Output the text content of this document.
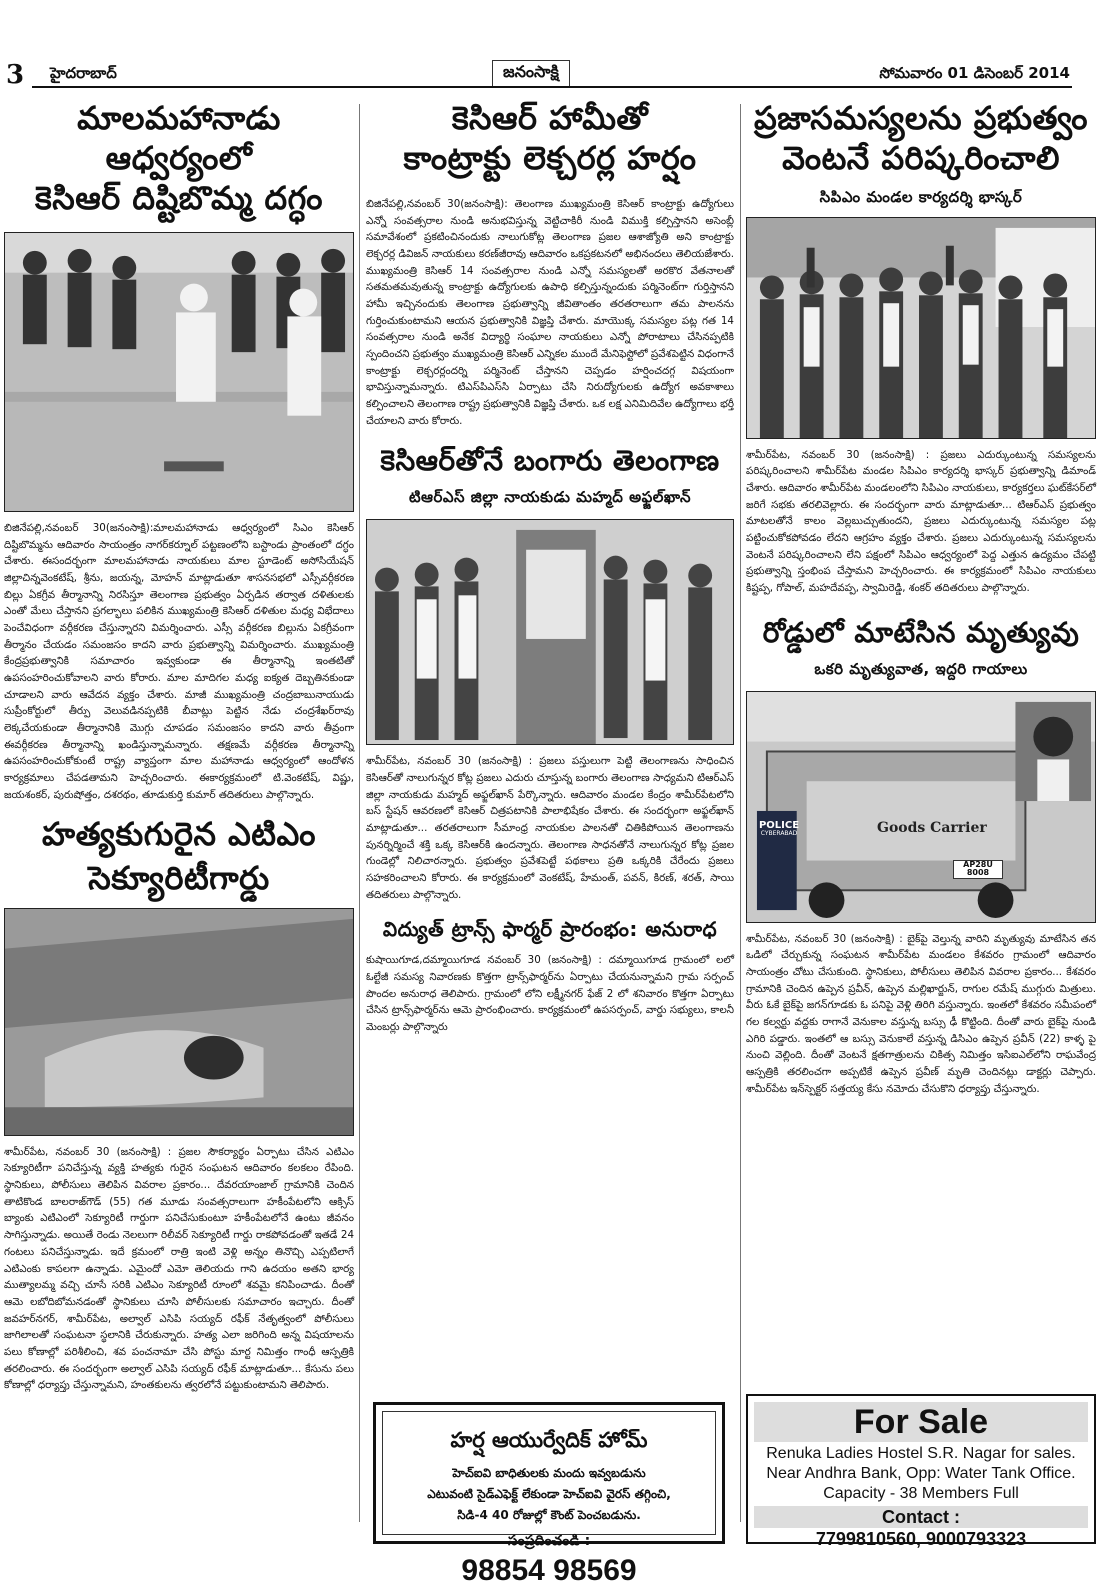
3 హైదరాబాద్	జనంసాక్షి	సోమవారం 01 డిసెంబర్ 2014
మాలమహానాడు ఆధ్వర్యంలో
కెసిఆర్ దిష్టిబొమ్మ దగ్ధం
బిజినేపల్లి,నవంబర్ 30(జనంసాక్షి):మాలమహానాడు ఆధ్వర్యంలో సిఎం కెసిఆర్ దిష్టిబొమ్మను ఆదివారం సాయంత్రం నాగర్‌కర్నూల్ పట్టణంలోని బస్టాండు ప్రాంతంలో దగ్ధం చేశారు. ఈసందర్భంగా మాలమహానాడు నాయకులు మాల స్టూడెంట్ అసోసియేషన్ జిల్లాచిన్నవెంకటేష్, శ్రీను, జయన్న, మోహన్ మాట్లాడుతూ శాసనసభలో ఎస్సీవర్గీకరణ బిల్లు ఏకగ్రీవ తీర్మానాన్ని నిరసిస్తూ తెలంగాణ ప్రభుత్వం ఏర్పడిన తర్వాత దళితులకు ఎంతో మేలు చేస్తానని ప్రగల్భాలు పలికిన ముఖ్యమంత్రి కెసిఆర్ దళితుల మధ్య విభేదాలు పెంచేవిధంగా వర్గీకరణ చేస్తున్నారని విమర్శించారు. ఎస్సీ వర్గీకరణ బిల్లును ఏకగ్రీవంగా తీర్మానం చేయడం సమంజసం కాదని వారు ప్రభుత్వాన్ని విమర్శించారు. ముఖ్యమంత్రి కేంద్రప్రభుత్వానికి సమాచారం ఇవ్వకుండా ఈ తీర్మానాన్ని ఇంతటితో ఉపసంహరించుకోవాలని వారు కోరారు. మాల మాదిగల మధ్య ఐక్యత దెబ్బతినకుండా చూడాలని వారు ఆవేదన వ్యక్తం చేశారు. మాజీ ముఖ్యమంత్రి చంద్రబాబునాయుడు సుప్రీంకోర్టులో తీర్పు వెలువడినప్పటికి బీవాట్లు పెట్టిన నేడు చంద్రశేఖర్‌రావు లెక్కచేయకుండా తీర్మానానికి మొగ్గు చూపడం సమంజసం కాదని వారు తీవ్రంగా ఈవర్గీకరణ తీర్మానాన్ని ఖండిస్తున్నామన్నారు. తక్షణమే వర్గీకరణ తీర్మానాన్ని ఉపసంహరించుకోకుంటే రాష్ట్ర వ్యాప్తంగా మాల మహానాడు ఆధ్వర్యంలో ఆందోళన కార్యక్రమాలు చేపడతామని హెచ్చరించారు. ఈకార్యక్రమంలో టి.వెంకటేష్, విష్ణు, జయశంకర్, పురుషోత్తం, దశరథం, తూడుకుర్తి కుమార్ తదితరులు పాల్గొన్నారు.
హత్యకుగురైన ఎటిఎం
సెక్యూరిటీగార్డు
శామీర్‌పేట, నవంబర్ 30 (జనంసాక్షి) : ప్రజల సౌకర్యార్థం ఏర్పాటు చేసిన ఎటిఎం సెక్యూరిటీగా పనిచేస్తున్న వ్యక్తి హత్యకు గురైన సంఘటన ఆదివారం కలకలం రేపింది. స్థానికులు, పోలీసులు తెలిపిన వివరాల ప్రకారం... దేవరయాంజాల్ గ్రామానికి చెందిన తాటికొండ బాలరాజ్‌గౌడ్ (55) గత మూడు సంవత్సరాలుగా హకీంపేటలోని ఆక్సిస్ బ్యాంకు ఎటిఎంలో సెక్యూరిటీ గార్డుగా పనిచేసుకుంటూ హకీంపేటలోనే ఉంటు జీవనం సాగిస్తున్నాడు. అయితే రెండు నెలలుగా రిలీవర్ సెక్యూరిటీ గార్డు రాకపోవడంతో ఇతడే 24 గంటలు పనిచేస్తున్నాడు. ఇదే క్రమంలో రాత్రి ఇంటి వెళ్లి అన్నం తినొచ్చి ఎప్పటిలాగే ఎటిఎంకు కాపలగా ఉన్నాడు. ఎమైందో ఎమో తెలియదు గాని ఉదయం అతని భార్య ముత్యాలమ్మ వచ్చి చూసే సరికి ఎటిఎం సెక్యూరిటీ రూంలో శవమై కనిపించాడు. దీంతో ఆమె లబోదిబోమనడంతో స్థానికులు చూసి పోలీసులకు సమాచారం ఇచ్చారు. దీంతో జవహర్‌నగర్, శామీర్‌పేట, అల్వాల్ ఎసిపి సయ్యద్ రఫీక్ నేతృత్వంలో పోలీసులు జాగిలాలతో సంఘటనా స్థలానికి చేరుకున్నారు. హత్య ఎలా జరిగింది అన్న విషయాలను పలు కోణాల్లో పరిశీలించి, శవ పంచనామా చేసి పోస్టు మార్ట నిమిత్తం గాంధీ ఆస్పత్రికి తరలించారు. ఈ సందర్భంగా అల్వాల్ ఎసిపి సయ్యద్ రఫీక్ మాట్లాడుతూ... కేసును పలు కోణాల్లో ధర్యాప్తు చేస్తున్నామని, హంతకులను త్వరలోనే పట్టుకుంటామని తెలిపారు.
కెసిఆర్ హామీతో
కాంట్రాక్టు లెక్చరర్ల హర్షం
బిజినేపల్లి,నవంబర్ 30(జనంసాక్షి): తెలంగాణ ముఖ్యమంత్రి కెసిఆర్ కాంట్రాక్టు ఉద్యోగులు ఎన్నో సంవత్సరాల నుండి అనుభవిస్తున్న వెట్టిచాకిరీ నుండి విముక్తి కల్పిస్తానని అసెంబ్లీ సమావేశంలో ప్రకటించినందుకు నాలుగుకోట్ల తెలంగాణ ప్రజల ఆశాజ్యోతి అని కాంట్రాక్టు లెక్చరర్ల డివిజన్ నాయకులు కరణ్‌జీరావు ఆదివారం ఒకప్రకటనలో అభినందలు తెలియజేశారు. ముఖ్యమంత్రి కెసిఆర్ 14 సంవత్సరాల నుండి ఎన్నో సమస్యలతో అరకొర వేతనాలతో సతమతమవుతున్న కాంట్రాక్టు ఉద్యోగులకు ఉపాధి కల్పిస్తున్నందుకు పర్మినెంట్‌గా గుర్తిస్తానని హామీ ఇచ్చినందుకు తెలంగాణ ప్రభుత్వాన్ని జీవితాంతం తరతరాలుగా తమ పాలనను గుర్తించుకుంటామని ఆయన ప్రభుత్వానికి విజ్ఞప్తి చేశారు. మాయొక్క సమస్యల పట్ల గత 14 సంవత్సరాల నుండి అనేక విద్యార్థి సంఘాల నాయకులు ఎన్నో పోరాటాలు చేసినప్పటికి స్పందించని ప్రభుత్వం ముఖ్యమంత్రి కెసిఆర్ ఎన్నికల ముందే మేనిఫెస్టోలో ప్రవేశపెట్టిన విధంగానే కాంట్రాక్టు లెక్చరర్లందర్ని పర్మినెంట్ చేస్తానని చెప్పడం హర్షించదగ్గ విషయంగా భావిస్తున్నామన్నారు. టిఎస్‌పిఎస్‌సి ఏర్పాటు చేసి నిరుద్యోగులకు ఉద్యోగ అవకాశాలు కల్పించాలని తెలంగాణ రాష్ట్ర ప్రభుత్వానికి విజ్ఞప్తి చేశారు. ఒక లక్ష ఎనిమిదివేల ఉద్యోగాలు భర్తీ చేయాలని వారు కోరారు.
కెసిఆర్‌తోనే బంగారు తెలంగాణ
టిఆర్ఎస్ జిల్లా నాయకుడు మహ్మద్ అఫ్జల్‌ఖాన్
శామీర్‌పేట, నవంబర్ 30 (జనంసాక్షి) : ప్రజలు పస్తులుగా పెట్టి తెలంగాణను సాధించిన కెసిఆర్‌తో నాలుగున్నర కోట్ల ప్రజలు ఎదురు చూస్తున్న బంగారు తెలంగాణ సాధ్యమని టిఆర్ఎస్ జిల్లా నాయకుడు మహ్మద్ అఫ్జల్‌ఖాన్ పేర్కొన్నారు. ఆదివారం మండల కేంద్రం శామీర్‌పేటలోని బస్ స్టేషన్ ఆవరణలో కెసిఆర్ చిత్రపటానికి పాలాభిషేకం చేశారు. ఈ సందర్భంగా అఫ్జల్‌ఖాన్ మాట్లాడుతూ... తరతరాలుగా సీమాంధ్ర నాయకుల పాలనతో చితికిపోయిన తెలంగాణను పునర్నిర్మించే శక్తి ఒక్క కెసిఆర్‌కి ఉందన్నారు. తెలంగాణ సాధనతోనే నాలుగున్నర కోట్ల ప్రజల గుండెల్లో నిలిచారన్నారు. ప్రభుత్వం ప్రవేశపెట్టే పథకాలు ప్రతి ఒక్కరికి చేరేందు ప్రజలు సహకరించాలని కోరారు. ఈ కార్యక్రమంలో వెంకటేష్, హేమంత్, పవన్, కిరణ్, శరత్, సాయి తదితరులు పాల్గొన్నారు.
విద్యుత్ ట్రాన్స్ ఫార్మర్ ప్రారంభం: అనురాధ
కుషాయిగూడ,దమ్మాయిగూడ నవంబర్ 30 (జనంసాక్షి) : దమ్మాయిగూడ గ్రామంలో లలో ఓల్టేజీ సమస్య నివారణకు కొత్తగా ట్రాన్స్‌ఫార్మర్‌ను ఏర్పాటు చేయనున్నామని గ్రామ సర్పంచ్ పొందల అనురాధ తెలిపారు. గ్రామంలో లోని లక్ష్మీనగర్ ఫేజ్ 2 లో శనివారం కొత్తగా ఏర్పాటు చేసిన ట్రాన్స్‌ఫార్మర్‌ను ఆమె ప్రారంభించారు. కార్యక్రమంలో ఉపసర్పంచ్, వార్డు సభ్యులు, కాలనీ మెంబర్లు పాల్గొన్నారు
హర్ష ఆయుర్వేదిక్ హోమ్
హెచ్ఐవి బాధితులకు మందు ఇవ్వబడును
ఎటువంటి సైడ్ఎఫెక్ట్ లేకుండా హెచ్ఐవి వైరస్ తగ్గించి,
సిడి-4 40 రోజుల్లో కౌంట్ పెంచబడును.
సంప్రదించండి :
98854 98569
ప్రజాసమస్యలను ప్రభుత్వం
వెంటనే పరిష్కరించాలి
సిపిఎం మండల కార్యదర్శి భాస్కర్
శామీర్‌పేట, నవంబర్ 30 (జనంసాక్షి) : ప్రజలు ఎదుర్కుంటున్న సమస్యలను పరిష్కరించాలని శామీర్‌పేట మండల సిపిఎం కార్యదర్శి భాస్కర్ ప్రభుత్వాన్ని డిమాండ్ చేశారు. ఆదివారం శామీర్‌పేట మండలంలోని సిపిఎం నాయకులు, కార్యకర్తలు ఘట్‌కేసర్‌లో జరిగే సభకు తరలివెల్లారు. ఈ సందర్భంగా వారు మాట్లాడుతూ... టిఆర్ఎస్ ప్రభుత్వం మాటలతోనే కాలం వెల్లబుచ్చుతుందని, ప్రజలు ఎదుర్కుంటున్న సమస్యల పట్ల పట్టించుకోకపోవడం లేదని ఆగ్రహం వ్యక్తం చేశారు. ప్రజలు ఎదుర్కుంటున్న సమస్యలను వెంటనే పరిష్కరించాలని లేని పక్షంలో సిపిఎం ఆధ్వర్యంలో పెద్ద ఎత్తున ఉద్యమం చేపట్టి ప్రభుత్వాన్ని స్తంభింప చేస్తామని హెచ్చరించారు. ఈ కార్యక్రమంలో సిపిఎం నాయకులు కిష్టప్ప, గోపాల్, మహదేవప్ప, స్వామిరెడ్డి, శంకర్ తదితరులు పాల్గొన్నారు.
రోడ్డులో మాటేసిన మృత్యువు
ఒకరి మృత్యువాత, ఇద్దరి గాయాలు
Goods Carrier
POLICE
CYBERABAD
AP28U 8008
శామీర్‌పేట, నవంబర్ 30 (జనంసాక్షి) : బైక్‌పై వెల్తున్న వారిని మృత్యువు మాటేసిన తన ఒడిలో చేర్చుకున్న సంఘటన శామీర్‌పేట మండలం కేశవరం గ్రామంలో ఆదివారం సాయంత్రం చోటు చేసుకుంది. స్థానికులు, పోలీసులు తెలిపిన వివరాల ప్రకారం... కేశవరం గ్రామానికి చెందిన ఉప్పెన ప్రవీన్, ఉప్పెన మల్లిఖార్జున్, రాగుల రమేష్ ముగ్గురు మిత్రులు. వీరు ఓకే బైక్‌పై జగన్‌గూడకు ఓ పనిపై వెళ్లి తిరిగి వస్తున్నారు. ఇంతలో కేశవరం సమీపంలో గల కల్వర్టు వద్దకు రాగానే వెనుకాల వస్తున్న బస్సు ఢీ కొట్టింది. దీంతో వారు బైక్‌పై నుండి ఎగిరి పడ్డారు. ఇంతలో ఆ బస్సు వెనుకాలే వస్తున్న డిసిఎం ఉప్పెన ప్రవీన్ (22) కాళ్ళ పై నుంచి వెల్లింది. దీంతో వెంటనే క్షతగాత్రులను చికిత్స నిమిత్తం ఇసిఐఎల్‌లోని రాఘవేంద్ర ఆస్పత్రికి తరలించగా అప్పటికే ఉప్పెన ప్రవీణ్ మృతి చెందినట్లు డాక్టర్లు చెప్పారు. శామీర్‌పేట ఇన్‌స్పెక్టర్ సత్తయ్య కేసు నమోదు చేసుకొని ధర్యాప్తు చేస్తున్నారు.
For Sale
Renuka Ladies Hostel S.R. Nagar for sales. Near Andhra Bank, Opp: Water Tank Office. Capacity - 38 Members Full
Contact :
7799810560, 9000793323
